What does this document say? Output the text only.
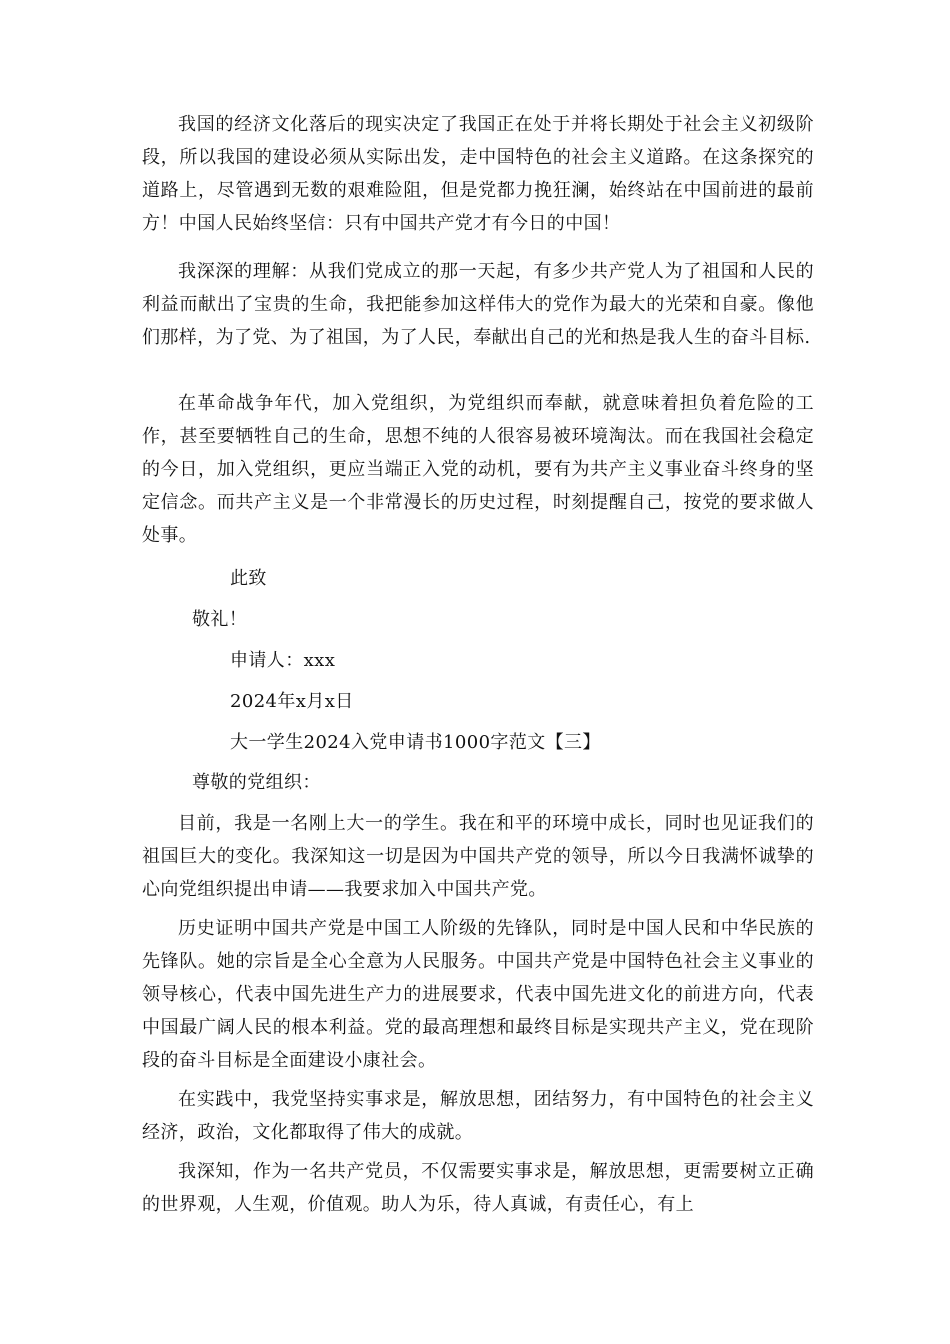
我国的经济文化落后的现实决定了我国正在处于并将长期处于社会主义初级阶段，所以我国的建设必须从实际出发，走中国特色的社会主义道路。在这条探究的道路上，尽管遇到无数的艰难险阻，但是党都力挽狂澜，始终站在中国前进的最前方！中国人民始终坚信：只有中国共产党才有今日的中国！
我深深的理解：从我们党成立的那一天起，有多少共产党人为了祖国和人民的利益而献出了宝贵的生命，我把能参加这样伟大的党作为最大的光荣和自豪。像他们那样，为了党、为了祖国，为了人民，奉献出自己的光和热是我人生的奋斗目标.
在革命战争年代，加入党组织，为党组织而奉献，就意味着担负着危险的工作，甚至要牺牲自己的生命，思想不纯的人很容易被环境淘汰。而在我国社会稳定的今日，加入党组织，更应当端正入党的动机，要有为共产主义事业奋斗终身的坚定信念。而共产主义是一个非常漫长的历史过程，时刻提醒自己，按党的要求做人处事。
此致
敬礼！
申请人：xxx
2024年x月x日
大一学生2024入党申请书1000字范文【三】
尊敬的党组织：
目前，我是一名刚上大一的学生。我在和平的环境中成长，同时也见证我们的祖国巨大的变化。我深知这一切是因为中国共产党的领导，所以今日我满怀诚挚的心向党组织提出申请——我要求加入中国共产党。
历史证明中国共产党是中国工人阶级的先锋队，同时是中国人民和中华民族的先锋队。她的宗旨是全心全意为人民服务。中国共产党是中国特色社会主义事业的领导核心，代表中国先进生产力的进展要求，代表中国先进文化的前进方向，代表中国最广阔人民的根本利益。党的最高理想和最终目标是实现共产主义，党在现阶段的奋斗目标是全面建设小康社会。
在实践中，我党坚持实事求是，解放思想，团结努力，有中国特色的社会主义经济，政治，文化都取得了伟大的成就。
我深知，作为一名共产党员，不仅需要实事求是，解放思想，更需要树立正确的世界观，人生观，价值观。助人为乐，待人真诚，有责任心，有上
